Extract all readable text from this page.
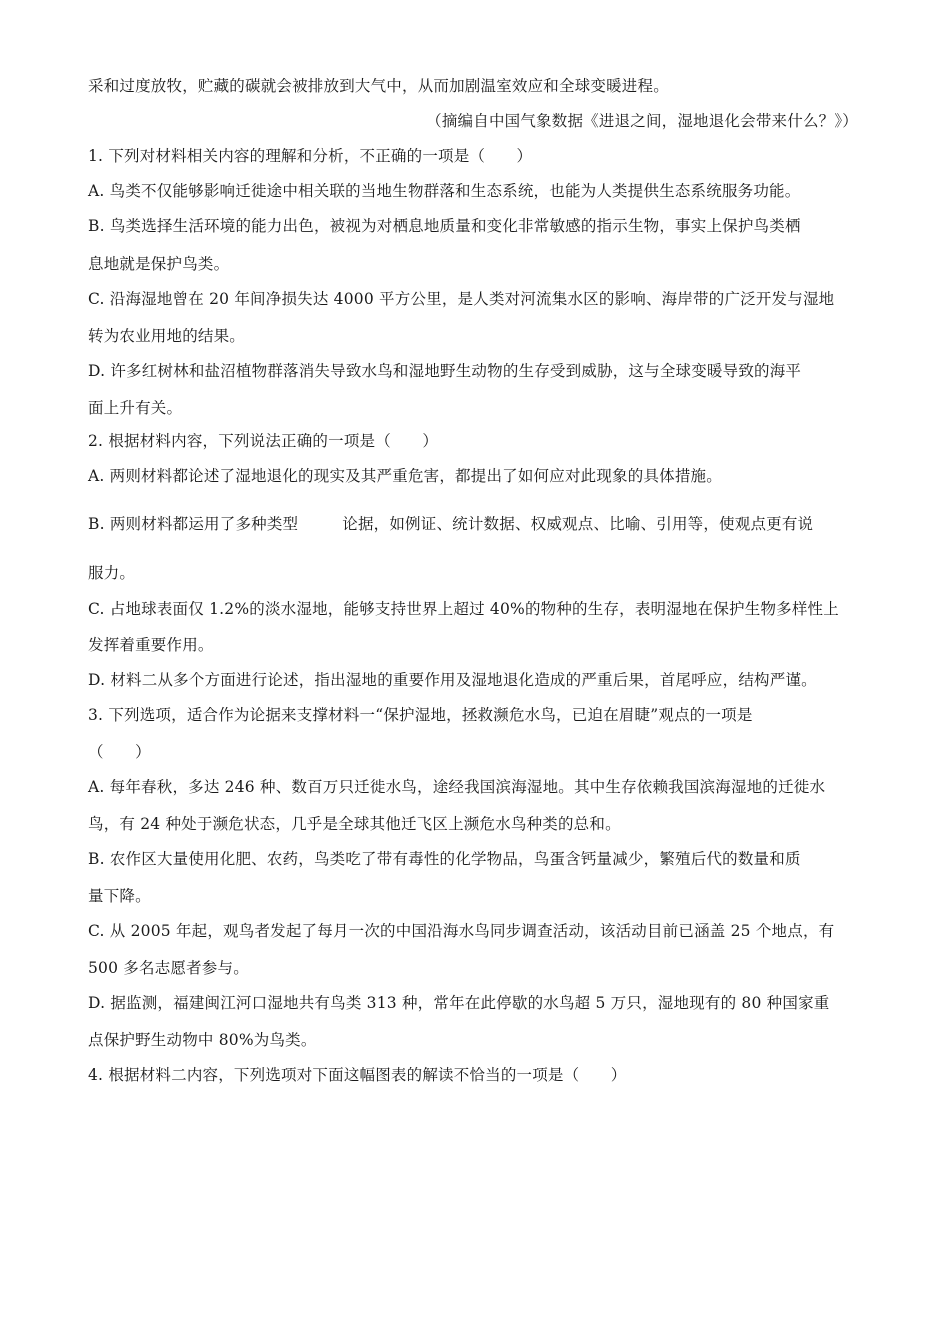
采和过度放牧，贮藏的碳就会被排放到大气中，从而加剧温室效应和全球变暖进程。
（摘编自中国气象数据《进退之间，湿地退化会带来什么？》）
1. 下列对材料相关内容的理解和分析，不正确的一项是（　　）
A. 鸟类不仅能够影响迁徙途中相关联的当地生物群落和生态系统，也能为人类提供生态系统服务功能。
B. 鸟类选择生活环境的能力出色，被视为对栖息地质量和变化非常敏感的指示生物，事实上保护鸟类栖
息地就是保护鸟类。
C. 沿海湿地曾在 20 年间净损失达 4000 平方公里，是人类对河流集水区的影响、海岸带的广泛开发与湿地
转为农业用地的结果。
D. 许多红树林和盐沼植物群落消失导致水鸟和湿地野生动物的生存受到威胁，这与全球变暖导致的海平
面上升有关。
2. 根据材料内容，下列说法正确的一项是（　　）
A. 两则材料都论述了湿地退化的现实及其严重危害，都提出了如何应对此现象的具体措施。
B. 两则材料都运用了多种类型	论据，如例证、统计数据、权威观点、比喻、引用等，使观点更有说
服力。
C. 占地球表面仅 1.2%的淡水湿地，能够支持世界上超过 40%的物种的生存，表明湿地在保护生物多样性上
发挥着重要作用。
D. 材料二从多个方面进行论述，指出湿地的重要作用及湿地退化造成的严重后果，首尾呼应，结构严谨。
3. 下列选项，适合作为论据来支撑材料一“保护湿地，拯救濒危水鸟，已迫在眉睫”观点的一项是
（　　）
A. 每年春秋，多达 246 种、数百万只迁徙水鸟，途经我国滨海湿地。其中生存依赖我国滨海湿地的迁徙水
鸟，有 24 种处于濒危状态，几乎是全球其他迁飞区上濒危水鸟种类的总和。
B. 农作区大量使用化肥、农药，鸟类吃了带有毒性的化学物品，鸟蛋含钙量减少，繁殖后代的数量和质
量下降。
C. 从 2005 年起，观鸟者发起了每月一次的中国沿海水鸟同步调查活动，该活动目前已涵盖 25 个地点，有
500 多名志愿者参与。
D. 据监测，福建闽江河口湿地共有鸟类 313 种，常年在此停歇的水鸟超 5 万只，湿地现有的 80 种国家重
点保护野生动物中 80%为鸟类。
4. 根据材料二内容，下列选项对下面这幅图表的解读不恰当的一项是（　　）
